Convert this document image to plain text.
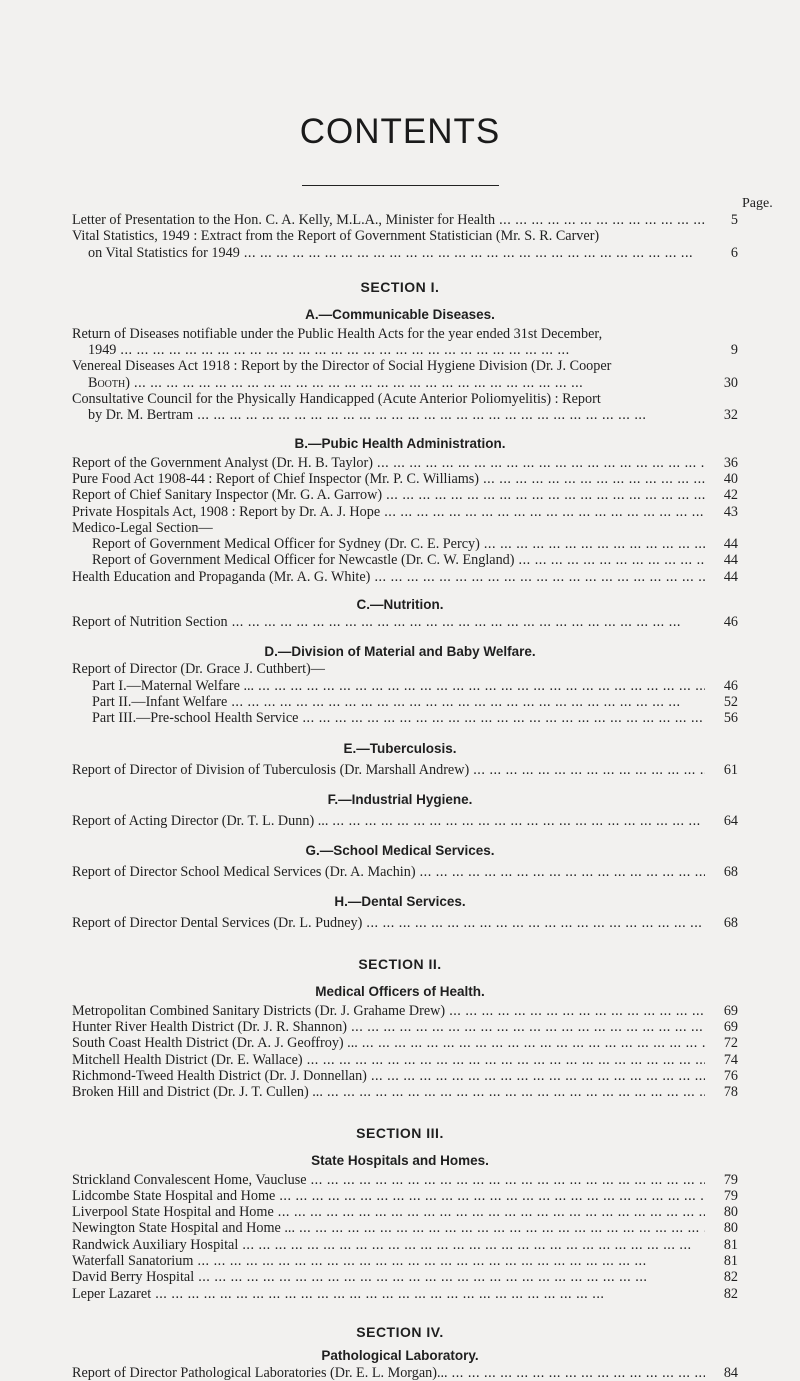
CONTENTS
Page.
Letter of Presentation to the Hon. C. A. Kelly, M.L.A., Minister for Health ... .	5
Vital Statistics, 1949 : Extract from the Report of Government Statistician (Mr. S. R. Carver)
on Vital Statistics for 1949 ... .	6
SECTION I.
A.—Communicable Diseases.
Return of Diseases notifiable under the Public Health Acts for the year ended 31st December,
1949 ... .	9
Venereal Diseases Act 1918 : Report by the Director of Social Hygiene Division (Dr. J. Cooper
Booth) ... .	30
Consultative Council for the Physically Handicapped (Acute Anterior Poliomyelitis) : Report
by Dr. M. Bertram ... .	32
B.—Pubic Health Administration.
Report of the Government Analyst (Dr. H. B. Taylor) ... .	36
Pure Food Act 1908-44 : Report of Chief Inspector (Mr. P. C. Williams) ... .	40
Report of Chief Sanitary Inspector (Mr. G. A. Garrow) ... .	42
Private Hospitals Act, 1908 : Report by Dr. A. J. Hope ... .	43
Medico-Legal Section—
Report of Government Medical Officer for Sydney (Dr. C. E. Percy) ... .	44
Report of Government Medical Officer for Newcastle (Dr. C. W. England) ... .	44
Health Education and Propaganda (Mr. A. G. White) ... .	44
C.—Nutrition.
Report of Nutrition Section ... .	46
D.—Division of Material and Baby Welfare.
Report of Director (Dr. Grace J. Cuthbert)—
Part I.—Maternal Welfare ... ... .	46
Part II.—Infant Welfare ... .	52
Part III.—Pre-school Health Service ... .	56
E.—Tuberculosis.
Report of Director of Division of Tuberculosis (Dr. Marshall Andrew) ... .	61
F.—Industrial Hygiene.
Report of Acting Director (Dr. T. L. Dunn) ... ... .	64
G.—School Medical Services.
Report of Director School Medical Services (Dr. A. Machin) ... .	68
H.—Dental Services.
Report of Director Dental Services (Dr. L. Pudney) ... .	68
SECTION II.
Medical Officers of Health.
Metropolitan Combined Sanitary Districts (Dr. J. Grahame Drew) ... .	69
Hunter River Health District (Dr. J. R. Shannon) ... .	69
South Coast Health District (Dr. A. J. Geoffroy) ... ... .	72
Mitchell Health District (Dr. E. Wallace) ... .	74
Richmond-Tweed Health District (Dr. J. Donnellan) ... .	76
Broken Hill and District (Dr. J. T. Cullen) ... ... .	78
SECTION III.
State Hospitals and Homes.
Strickland Convalescent Home, Vaucluse ... .	79
Lidcombe State Hospital and Home ... .	79
Liverpool State Hospital and Home ... .	80
Newington State Hospital and Home ... ... .	80
Randwick Auxiliary Hospital ... .	81
Waterfall Sanatorium ... .	81
David Berry Hospital ... .	82
Leper Lazaret ... .	82
SECTION IV.
Pathological Laboratory.
Report of Director Pathological Laboratories (Dr. E. L. Morgan)... ... .	84
